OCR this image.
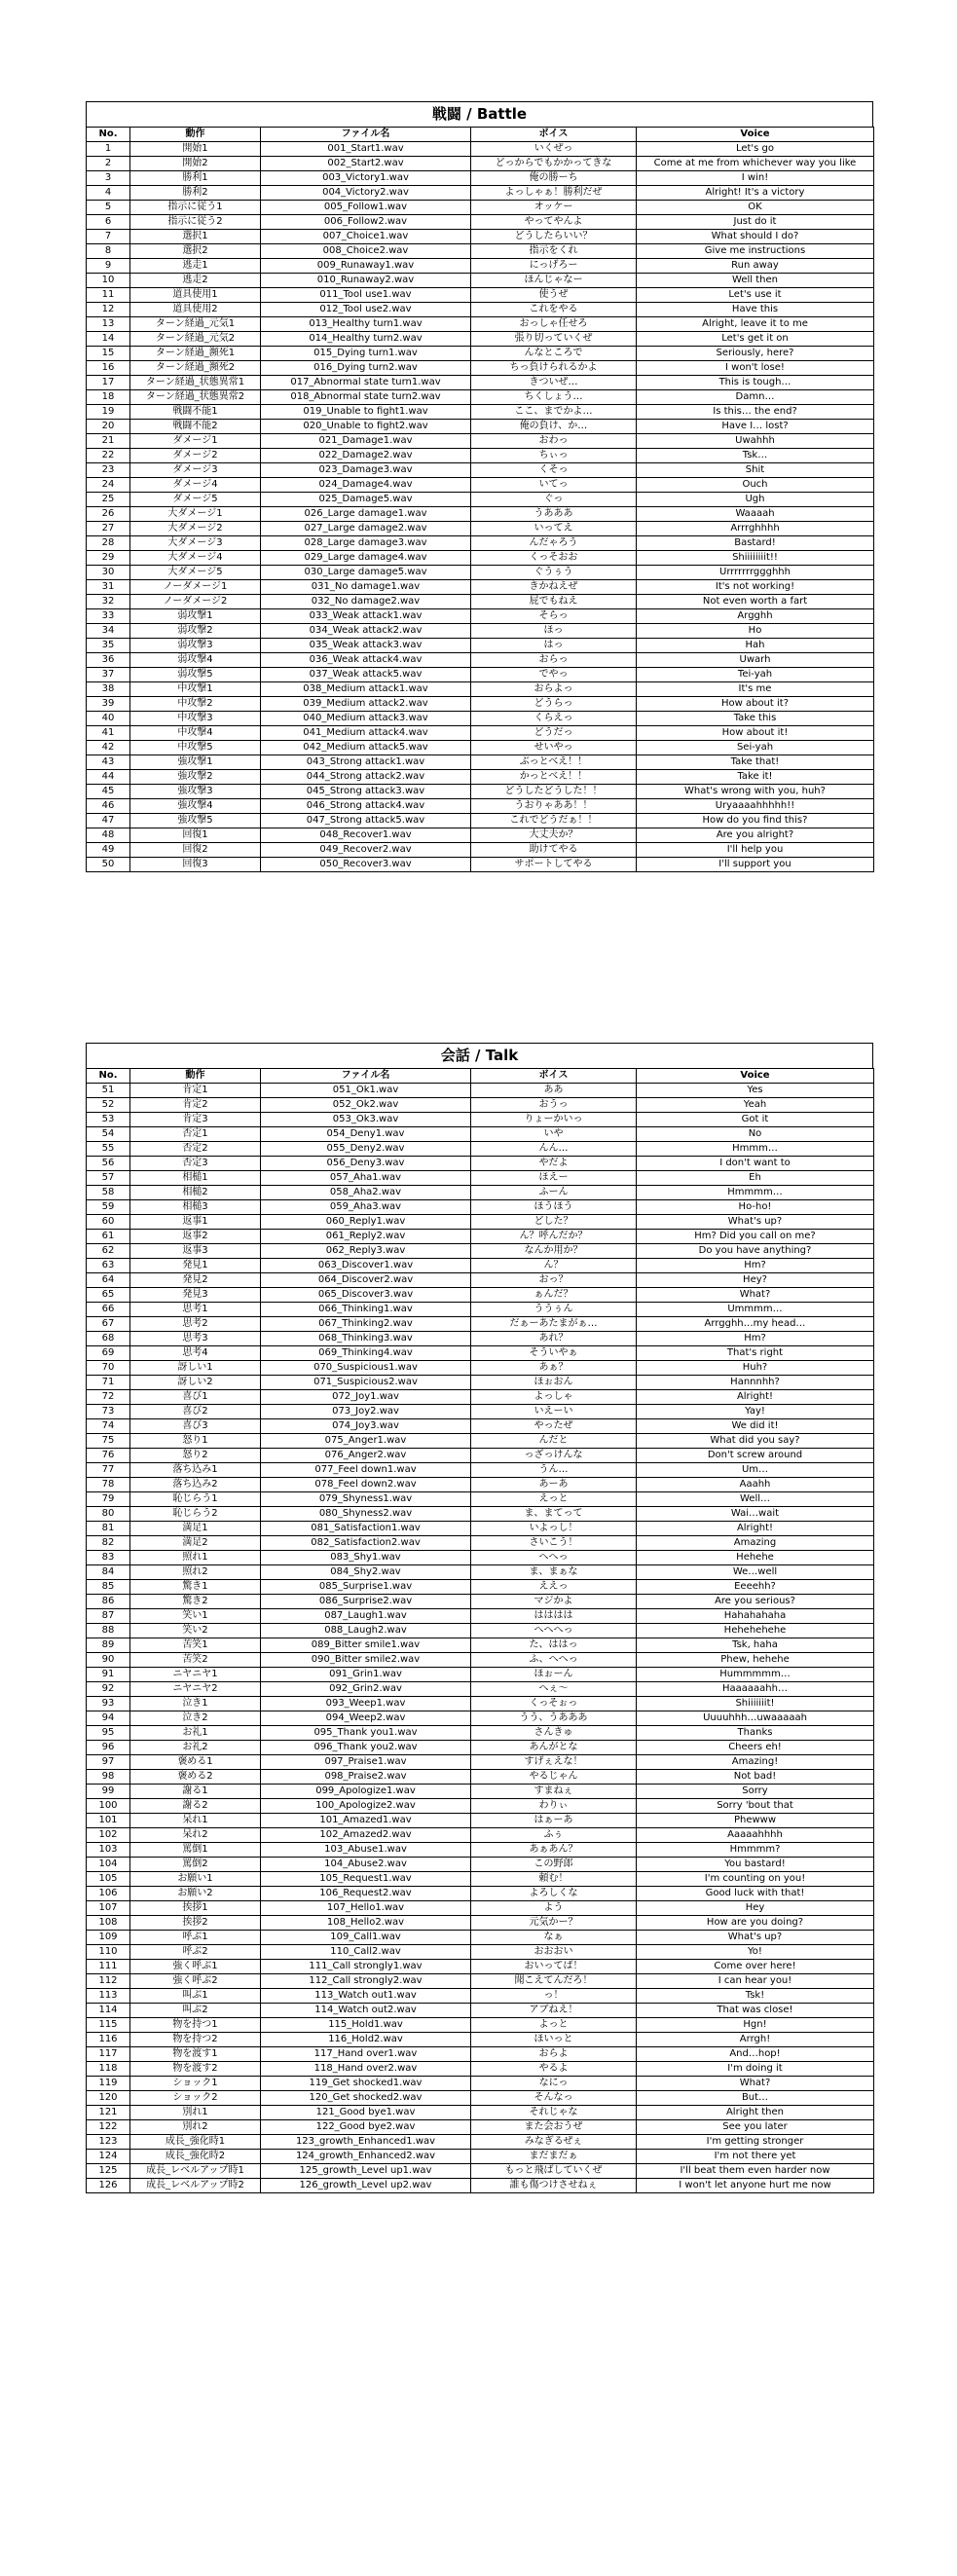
戦闘 / Battle
No.	動作	ファイル名	ボイス	Voice
1	開始1	001_Start1.wav	いくぜっ	Let's go
2	開始2	002_Start2.wav	どっからでもかかってきな	Come at me from whichever way you like
3	勝利1	003_Victory1.wav	俺の勝ーち	I win!
4	勝利2	004_Victory2.wav	よっしゃぁ！勝利だぜ	Alright! It's a victory
5	指示に従う1	005_Follow1.wav	オッケー	OK
6	指示に従う2	006_Follow2.wav	やってやんよ	Just do it
7	選択1	007_Choice1.wav	どうしたらいい？	What should I do?
8	選択2	008_Choice2.wav	指示をくれ	Give me instructions
9	逃走1	009_Runaway1.wav	にっげろー	Run away
10	逃走2	010_Runaway2.wav	ほんじゃなー	Well then
11	道具使用1	011_Tool use1.wav	使うぜ	Let's use it
12	道具使用2	012_Tool use2.wav	これをやる	Have this
13	ターン経過_元気1	013_Healthy turn1.wav	おっしゃ任せろ	Alright, leave it to me
14	ターン経過_元気2	014_Healthy turn2.wav	張り切っていくぜ	Let's get it on
15	ターン経過_瀕死1	015_Dying turn1.wav	んなところで	Seriously, here?
16	ターン経過_瀕死2	016_Dying turn2.wav	ちっ負けられるかよ	I won't lose!
17	ターン経過_状態異常1	017_Abnormal state turn1.wav	きついぜ…	This is tough…
18	ターン経過_状態異常2	018_Abnormal state turn2.wav	ちくしょう…	Damn…
19	戦闘不能1	019_Unable to fight1.wav	ここ、までかよ…	Is this… the end?
20	戦闘不能2	020_Unable to fight2.wav	俺の負け、か…	Have I… lost?
21	ダメージ1	021_Damage1.wav	おわっ	Uwahhh
22	ダメージ2	022_Damage2.wav	ちぃっ	Tsk…
23	ダメージ3	023_Damage3.wav	くそっ	Shit
24	ダメージ4	024_Damage4.wav	いてっ	Ouch
25	ダメージ5	025_Damage5.wav	ぐっ	Ugh
26	大ダメージ1	026_Large damage1.wav	うあああ	Waaaah
27	大ダメージ2	027_Large damage2.wav	いってえ	Arrrghhhh
28	大ダメージ3	028_Large damage3.wav	んだゃろう	Bastard!
29	大ダメージ4	029_Large damage4.wav	くっそおお	Shiiiiiiiit!!
30	大ダメージ5	030_Large damage5.wav	ぐうぅう	Urrrrrrrggghhh
31	ノーダメージ1	031_No damage1.wav	きかねえぜ	It's not working!
32	ノーダメージ2	032_No damage2.wav	屁でもねえ	Not even worth a fart
33	弱攻撃1	033_Weak attack1.wav	そらっ	Argghh
34	弱攻撃2	034_Weak attack2.wav	ほっ	Ho
35	弱攻撃3	035_Weak attack3.wav	はっ	Hah
36	弱攻撃4	036_Weak attack4.wav	おらっ	Uwarh
37	弱攻撃5	037_Weak attack5.wav	でやっ	Tei-yah
38	中攻撃1	038_Medium attack1.wav	おらよっ	It's me
39	中攻撃2	039_Medium attack2.wav	どうらっ	How about it?
40	中攻撃3	040_Medium attack3.wav	くらえっ	Take this
41	中攻撃4	041_Medium attack4.wav	どうだっ	How about it!
42	中攻撃5	042_Medium attack5.wav	せいやっ	Sei-yah
43	強攻撃1	043_Strong attack1.wav	ぶっとべえ！！	Take that!
44	強攻撃2	044_Strong attack2.wav	かっとべえ！！	Take it!
45	強攻撃3	045_Strong attack3.wav	どうしたどうした！！	What's wrong with you, huh?
46	強攻撃4	046_Strong attack4.wav	うおりゃああ！！	Uryaaaahhhhh!!
47	強攻撃5	047_Strong attack5.wav	これでどうだぁ！！	How do you find this?
48	回復1	048_Recover1.wav	大丈夫か？	Are you alright?
49	回復2	049_Recover2.wav	助けてやる	I'll help you
50	回復3	050_Recover3.wav	サポートしてやる	I'll support you
会話 / Talk
No.	動作	ファイル名	ボイス	Voice
51	肯定1	051_Ok1.wav	ああ	Yes
52	肯定2	052_Ok2.wav	おうっ	Yeah
53	肯定3	053_Ok3.wav	りょーかいっ	Got it
54	否定1	054_Deny1.wav	いや	No
55	否定2	055_Deny2.wav	んん…	Hmmm…
56	否定3	056_Deny3.wav	やだよ	I don't want to
57	相槌1	057_Aha1.wav	ほえー	Eh
58	相槌2	058_Aha2.wav	ふーん	Hmmmm…
59	相槌3	059_Aha3.wav	ほうほう	Ho-ho!
60	返事1	060_Reply1.wav	どした？	What's up?
61	返事2	061_Reply2.wav	ん？呼んだか？	Hm? Did you call on me?
62	返事3	062_Reply3.wav	なんか用か？	Do you have anything?
63	発見1	063_Discover1.wav	ん？	Hm?
64	発見2	064_Discover2.wav	おっ？	Hey?
65	発見3	065_Discover3.wav	ぁんだ？	What?
66	思考1	066_Thinking1.wav	ううぅん	Ummmm…
67	思考2	067_Thinking2.wav	だぁーあたまがぁ…	Arrgghh…my head…
68	思考3	068_Thinking3.wav	あれ？	Hm?
69	思考4	069_Thinking4.wav	そういやぁ	That's right
70	訝しい1	070_Suspicious1.wav	あぁ？	Huh?
71	訝しい2	071_Suspicious2.wav	ほぉおん	Hannnhh?
72	喜び1	072_Joy1.wav	よっしゃ	Alright!
73	喜び2	073_Joy2.wav	いえーい	Yay!
74	喜び3	074_Joy3.wav	やったぜ	We did it!
75	怒り1	075_Anger1.wav	んだと	What did you say?
76	怒り2	076_Anger2.wav	っざっけんな	Don't screw around
77	落ち込み1	077_Feel down1.wav	うん…	Um…
78	落ち込み2	078_Feel down2.wav	あーあ	Aaahh
79	恥じらう1	079_Shyness1.wav	えっと	Well…
80	恥じらう2	080_Shyness2.wav	ま、まてって	Wai…wait
81	満足1	081_Satisfaction1.wav	いよっし！	Alright!
82	満足2	082_Satisfaction2.wav	さいこう！	Amazing
83	照れ1	083_Shy1.wav	へへっ	Hehehe
84	照れ2	084_Shy2.wav	ま、まぁな	We…well
85	驚き1	085_Surprise1.wav	ええっ	Eeeehh?
86	驚き2	086_Surprise2.wav	マジかよ	Are you serious?
87	笑い1	087_Laugh1.wav	はははは	Hahahahaha
88	笑い2	088_Laugh2.wav	へへへっ	Hehehehehe
89	苦笑1	089_Bitter smile1.wav	た、ははっ	Tsk, haha
90	苦笑2	090_Bitter smile2.wav	ふ、へへっ	Phew, hehehe
91	ニヤニヤ1	091_Grin1.wav	ほぉーん	Hummmmm…
92	ニヤニヤ2	092_Grin2.wav	へぇ～	Haaaaaahh…
93	泣き1	093_Weep1.wav	くっそぉっ	Shiiiiiiit!
94	泣き2	094_Weep2.wav	うう、うあああ	Uuuuhhh…uwaaaaah
95	お礼1	095_Thank you1.wav	さんきゅ	Thanks
96	お礼2	096_Thank you2.wav	あんがとな	Cheers eh!
97	褒める1	097_Praise1.wav	すげぇえな！	Amazing!
98	褒める2	098_Praise2.wav	やるじゃん	Not bad!
99	謝る1	099_Apologize1.wav	すまねぇ	Sorry
100	謝る2	100_Apologize2.wav	わりぃ	Sorry 'bout that
101	呆れ1	101_Amazed1.wav	はぁーあ	Phewww
102	呆れ2	102_Amazed2.wav	ふぅ	Aaaaahhhh
103	罵倒1	103_Abuse1.wav	あぁあん？	Hmmmm?
104	罵倒2	104_Abuse2.wav	この野郎	You bastard!
105	お願い1	105_Request1.wav	頼む！	I'm counting on you!
106	お願い2	106_Request2.wav	よろしくな	Good luck with that!
107	挨拶1	107_Hello1.wav	よう	Hey
108	挨拶2	108_Hello2.wav	元気かー？	How are you doing?
109	呼ぶ1	109_Call1.wav	なぁ	What's up?
110	呼ぶ2	110_Call2.wav	おおおい	Yo!
111	強く呼ぶ1	111_Call strongly1.wav	おいってば！	Come over here!
112	強く呼ぶ2	112_Call strongly2.wav	聞こえてんだろ！	I can hear you!
113	叫ぶ1	113_Watch out1.wav	っ！	Tsk!
114	叫ぶ2	114_Watch out2.wav	アブねえ！	That was close!
115	物を持つ1	115_Hold1.wav	よっと	Hgn!
116	物を持つ2	116_Hold2.wav	ほいっと	Arrgh!
117	物を渡す1	117_Hand over1.wav	おらよ	And…hop!
118	物を渡す2	118_Hand over2.wav	やるよ	I'm doing it
119	ショック1	119_Get shocked1.wav	なにっ	What?
120	ショック2	120_Get shocked2.wav	そんなっ	But…
121	別れ1	121_Good bye1.wav	それじゃな	Alright then
122	別れ2	122_Good bye2.wav	また会おうぜ	See you later
123	成長_強化時1	123_growth_Enhanced1.wav	みなぎるぜぇ	I'm getting stronger
124	成長_強化時2	124_growth_Enhanced2.wav	まだまだぁ	I'm not there yet
125	成長_レベルアップ時1	125_growth_Level up1.wav	もっと飛ばしていくぜ	I'll beat them even harder now
126	成長_レベルアップ時2	126_growth_Level up2.wav	誰も傷つけさせねぇ	I won't let anyone hurt me now
